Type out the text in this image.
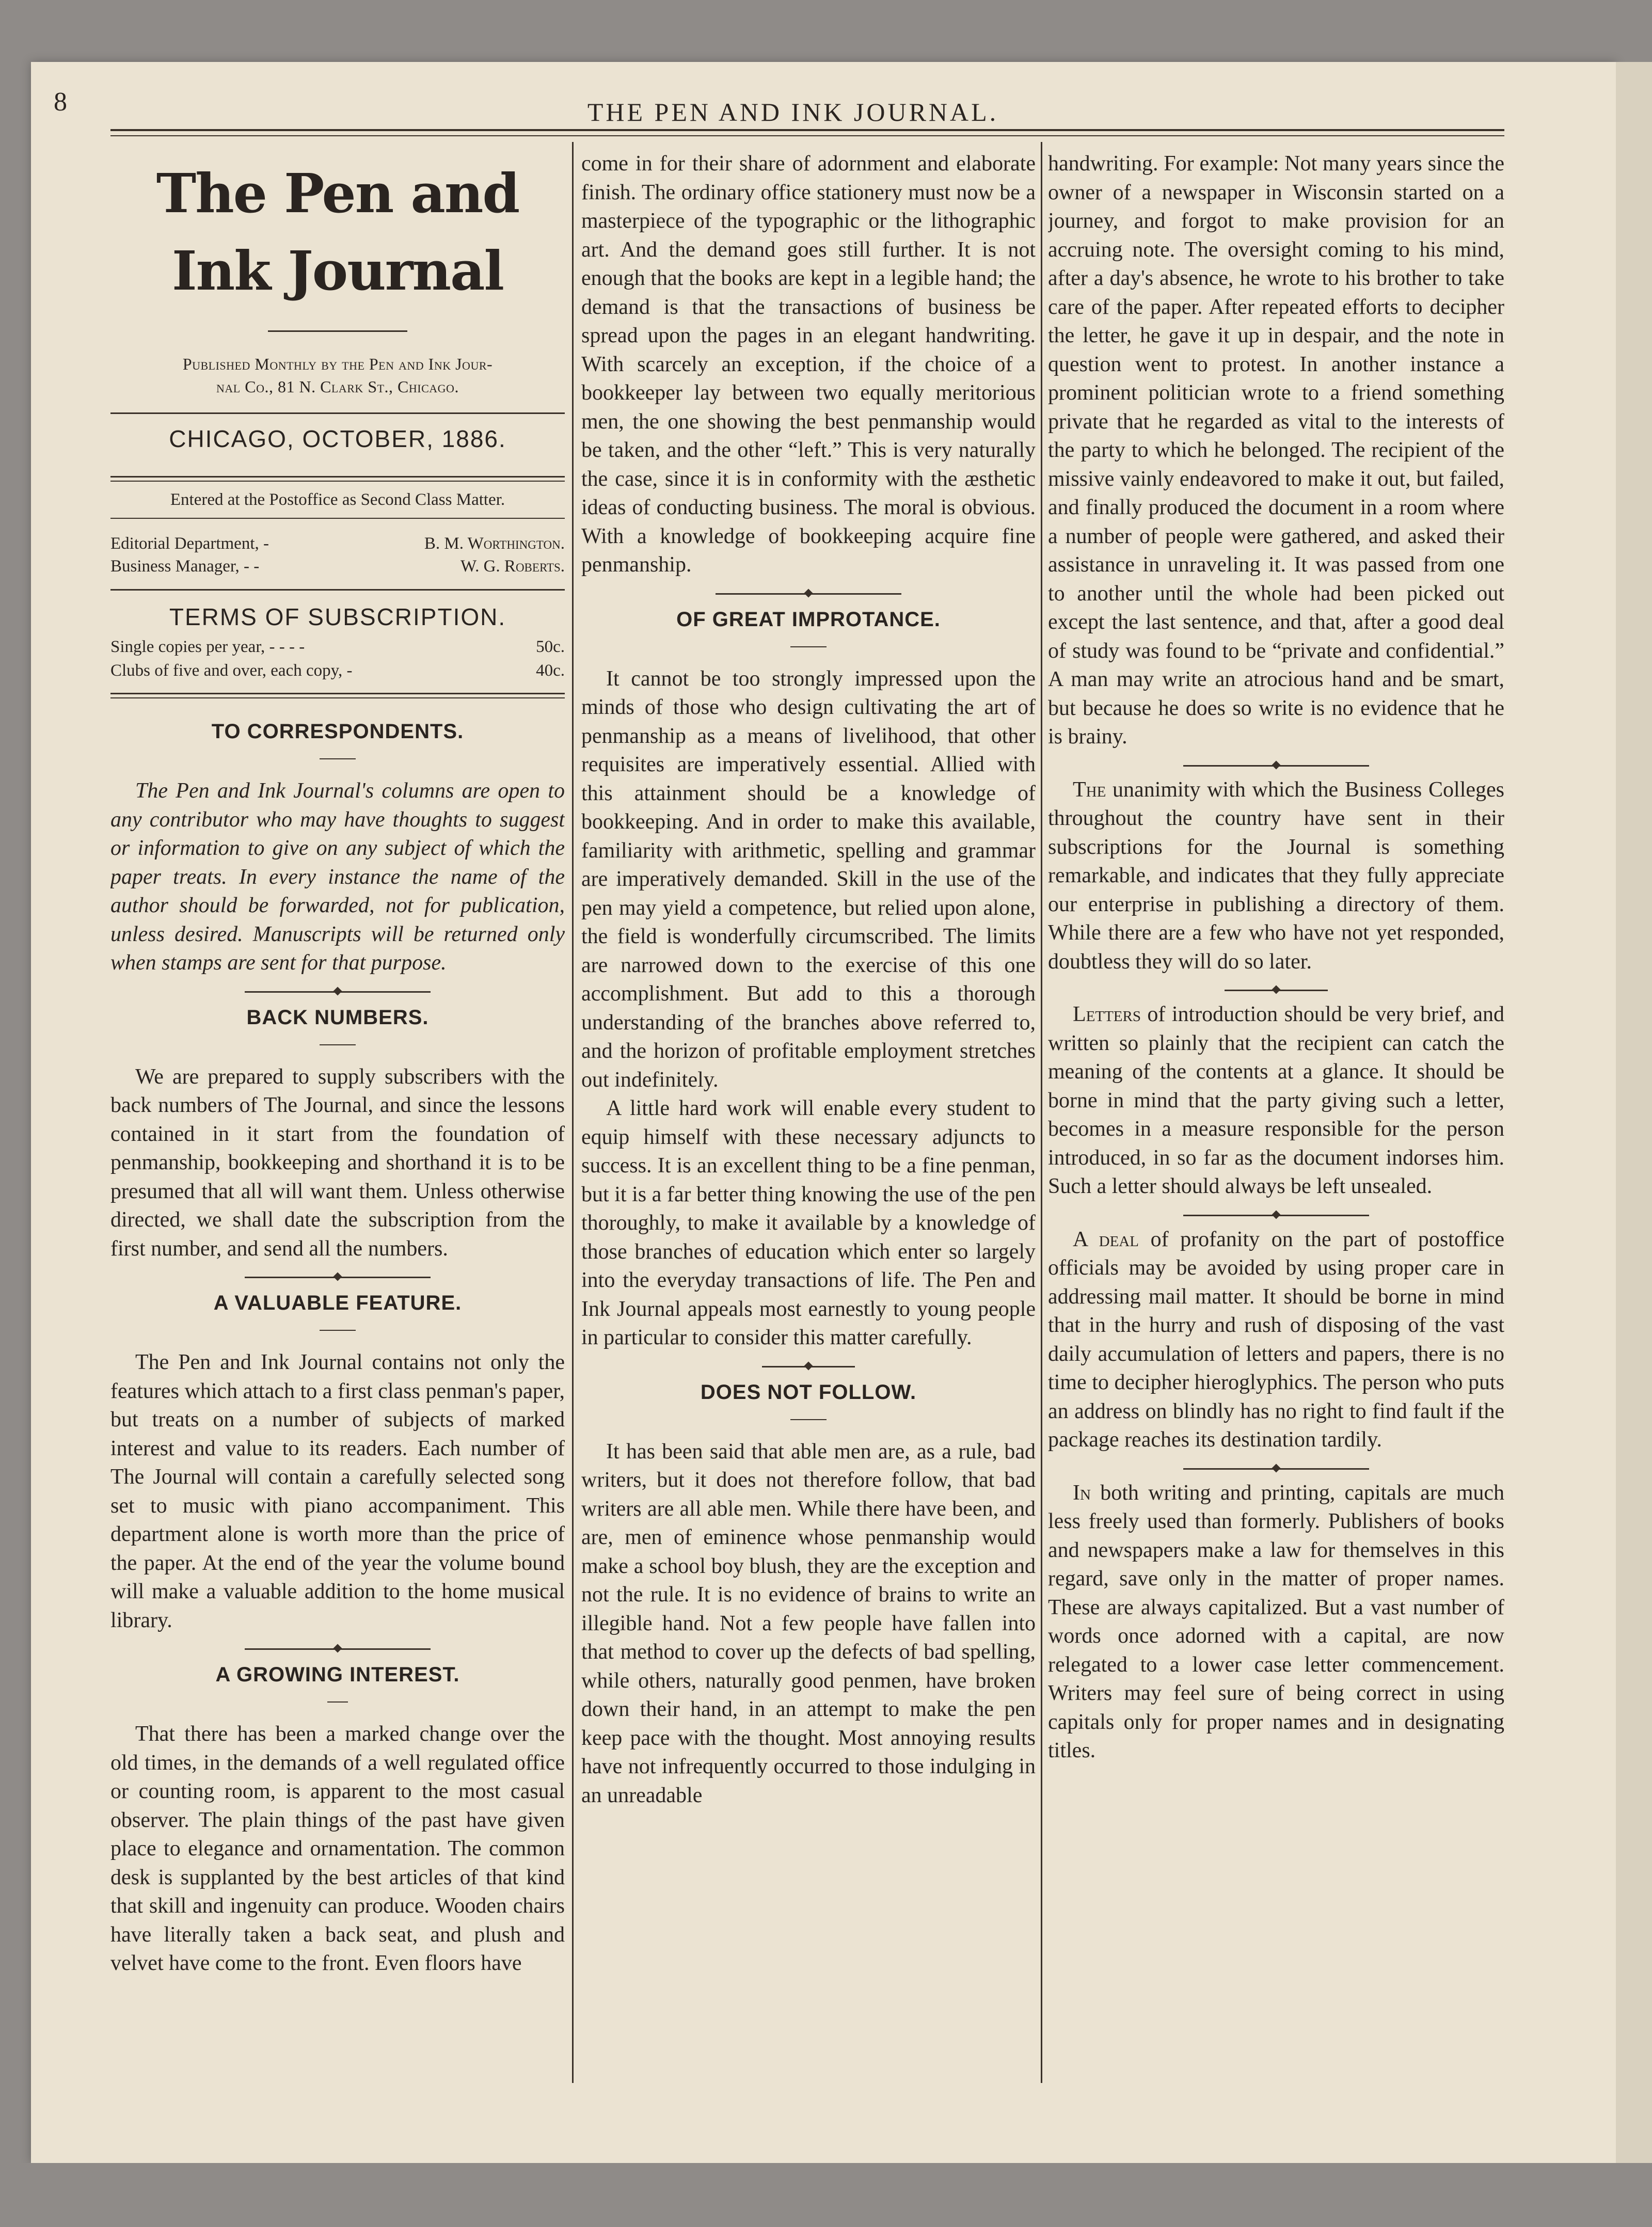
8	THE PEN AND INK JOURNAL.
The Pen and Ink Journal
Published Monthly by the Pen and Ink Jour-
nal Co., 81 N. Clark St., Chicago.
CHICAGO, OCTOBER, 1886.
Entered at the Postoffice as Second Class Matter.
Editorial Department, -	B. M. Worthington.
Business Manager, - -	W. G. Roberts.
TERMS OF SUBSCRIPTION.
Single copies per year, - - - -	50c.
Clubs of five and over, each copy, -	40c.
TO CORRESPONDENTS.

The Pen and Ink Journal's columns are open to any contributor who may have thoughts to suggest or information to give on any subject of which the paper treats. In every instance the name of the author should be forwarded, not for publication, unless desired. Manuscripts will be returned only when stamps are sent for that purpose.

BACK NUMBERS.

We are prepared to supply subscribers with the back numbers of The Journal, and since the lessons contained in it start from the foundation of penmanship, bookkeeping and shorthand it is to be presumed that all will want them. Unless otherwise directed, we shall date the subscription from the first number, and send all the numbers.

A VALUABLE FEATURE.

The Pen and Ink Journal contains not only the features which attach to a first class penman's paper, but treats on a number of subjects of marked interest and value to its readers. Each number of The Journal will contain a carefully selected song set to music with piano accompaniment. This department alone is worth more than the price of the paper. At the end of the year the volume bound will make a valuable addition to the home musical library.

A GROWING INTEREST.

That there has been a marked change over the old times, in the demands of a well regulated office or counting room, is apparent to the most casual observer. The plain things of the past have given place to elegance and ornamentation. The common desk is supplanted by the best articles of that kind that skill and ingenuity can produce. Wooden chairs have literally taken a back seat, and plush and velvet have come to the front. Even floors have

come in for their share of adornment and elaborate finish. The ordinary office stationery must now be a masterpiece of the typographic or the lithographic art. And the demand goes still further. It is not enough that the books are kept in a legible hand; the demand is that the transactions of business be spread upon the pages in an elegant handwriting. With scarcely an exception, if the choice of a bookkeeper lay between two equally meritorious men, the one showing the best penmanship would be taken, and the other “left.” This is very naturally the case, since it is in conformity with the æsthetic ideas of conducting business. The moral is obvious. With a knowledge of bookkeeping acquire fine penmanship.

OF GREAT IMPROTANCE.

It cannot be too strongly impressed upon the minds of those who design cultivating the art of penmanship as a means of livelihood, that other requisites are imperatively essential. Allied with this attainment should be a knowledge of bookkeeping. And in order to make this available, familiarity with arithmetic, spelling and grammar are imperatively demanded. Skill in the use of the pen may yield a competence, but relied upon alone, the field is wonderfully circumscribed. The limits are narrowed down to the exercise of this one accomplishment. But add to this a thorough understanding of the branches above referred to, and the horizon of profitable employment stretches out indefinitely.

A little hard work will enable every student to equip himself with these necessary adjuncts to success. It is an excellent thing to be a fine penman, but it is a far better thing knowing the use of the pen thoroughly, to make it available by a knowledge of those branches of education which enter so largely into the everyday transactions of life. The Pen and Ink Journal appeals most earnestly to young people in particular to consider this matter carefully.

DOES NOT FOLLOW.

It has been said that able men are, as a rule, bad writers, but it does not therefore follow, that bad writers are all able men. While there have been, and are, men of eminence whose penmanship would make a school boy blush, they are the exception and not the rule. It is no evidence of brains to write an illegible hand. Not a few people have fallen into that method to cover up the defects of bad spelling, while others, naturally good penmen, have broken down their hand, in an attempt to make the pen keep pace with the thought. Most annoying results have not infrequently occurred to those indulging in an unreadable

handwriting. For example: Not many years since the owner of a newspaper in Wisconsin started on a journey, and forgot to make provision for an accruing note. The oversight coming to his mind, after a day's absence, he wrote to his brother to take care of the paper. After repeated efforts to decipher the letter, he gave it up in despair, and the note in question went to protest. In another instance a prominent politician wrote to a friend something private that he regarded as vital to the interests of the party to which he belonged. The recipient of the missive vainly endeavored to make it out, but failed, and finally produced the document in a room where a number of people were gathered, and asked their assistance in unraveling it. It was passed from one to another until the whole had been picked out except the last sentence, and that, after a good deal of study was found to be “private and confidential.” A man may write an atrocious hand and be smart, but because he does so write is no evidence that he is brainy.

The unanimity with which the Business Colleges throughout the country have sent in their subscriptions for the Journal is something remarkable, and indicates that they fully appreciate our enterprise in publishing a directory of them. While there are a few who have not yet responded, doubtless they will do so later.

Letters of introduction should be very brief, and written so plainly that the recipient can catch the meaning of the contents at a glance. It should be borne in mind that the party giving such a letter, becomes in a measure responsible for the person introduced, in so far as the document indorses him. Such a letter should always be left unsealed.

A deal of profanity on the part of postoffice officials may be avoided by using proper care in addressing mail matter. It should be borne in mind that in the hurry and rush of disposing of the vast daily accumulation of letters and papers, there is no time to decipher hieroglyphics. The person who puts an address on blindly has no right to find fault if the package reaches its destination tardily.

In both writing and printing, capitals are much less freely used than formerly. Publishers of books and newspapers make a law for themselves in this regard, save only in the matter of proper names. These are always capitalized. But a vast number of words once adorned with a capital, are now relegated to a lower case letter commencement. Writers may feel sure of being correct in using capitals only for proper names and in designating titles.
